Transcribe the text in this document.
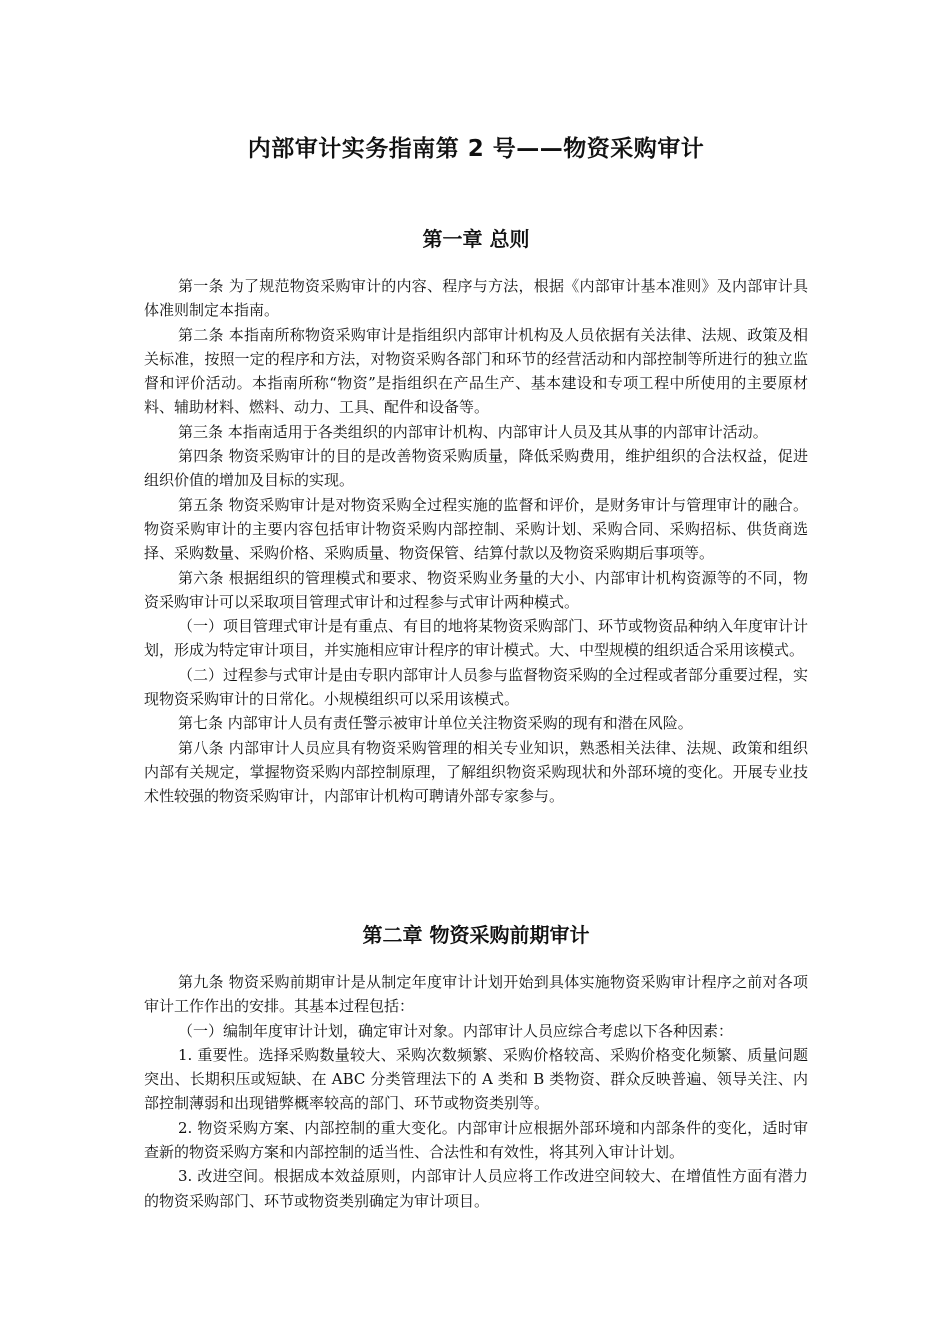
内部审计实务指南第 2 号——物资采购审计
第一章 总则

第一条 为了规范物资采购审计的内容、程序与方法，根据《内部审计基本准则》及内部审计具体准则制定本指南。

第二条 本指南所称物资采购审计是指组织内部审计机构及人员依据有关法律、法规、政策及相关标准，按照一定的程序和方法，对物资采购各部门和环节的经营活动和内部控制等所进行的独立监督和评价活动。本指南所称“物资”是指组织在产品生产、基本建设和专项工程中所使用的主要原材料、辅助材料、燃料、动力、工具、配件和设备等。

第三条 本指南适用于各类组织的内部审计机构、内部审计人员及其从事的内部审计活动。

第四条 物资采购审计的目的是改善物资采购质量，降低采购费用，维护组织的合法权益，促进组织价值的增加及目标的实现。

第五条 物资采购审计是对物资采购全过程实施的监督和评价，是财务审计与管理审计的融合。物资采购审计的主要内容包括审计物资采购内部控制、采购计划、采购合同、采购招标、供货商选择、采购数量、采购价格、采购质量、物资保管、结算付款以及物资采购期后事项等。

第六条 根据组织的管理模式和要求、物资采购业务量的大小、内部审计机构资源等的不同，物资采购审计可以采取项目管理式审计和过程参与式审计两种模式。

（一）项目管理式审计是有重点、有目的地将某物资采购部门、环节或物资品种纳入年度审计计划，形成为特定审计项目，并实施相应审计程序的审计模式。大、中型规模的组织适合采用该模式。

（二）过程参与式审计是由专职内部审计人员参与监督物资采购的全过程或者部分重要过程，实现物资采购审计的日常化。小规模组织可以采用该模式。

第七条 内部审计人员有责任警示被审计单位关注物资采购的现有和潜在风险。

第八条 内部审计人员应具有物资采购管理的相关专业知识，熟悉相关法律、法规、政策和组织内部有关规定，掌握物资采购内部控制原理，了解组织物资采购现状和外部环境的变化。开展专业技术性较强的物资采购审计，内部审计机构可聘请外部专家参与。

第二章 物资采购前期审计

第九条 物资采购前期审计是从制定年度审计计划开始到具体实施物资采购审计程序之前对各项审计工作作出的安排。其基本过程包括：

（一）编制年度审计计划，确定审计对象。内部审计人员应综合考虑以下各种因素：

1. 重要性。选择采购数量较大、采购次数频繁、采购价格较高、采购价格变化频繁、质量问题突出、长期积压或短缺、在 ABC 分类管理法下的 A 类和 B 类物资、群众反映普遍、领导关注、内部控制薄弱和出现错弊概率较高的部门、环节或物资类别等。

2. 物资采购方案、内部控制的重大变化。内部审计应根据外部环境和内部条件的变化，适时审查新的物资采购方案和内部控制的适当性、合法性和有效性，将其列入审计计划。

3. 改进空间。根据成本效益原则，内部审计人员应将工作改进空间较大、在增值性方面有潜力的物资采购部门、环节或物资类别确定为审计项目。
